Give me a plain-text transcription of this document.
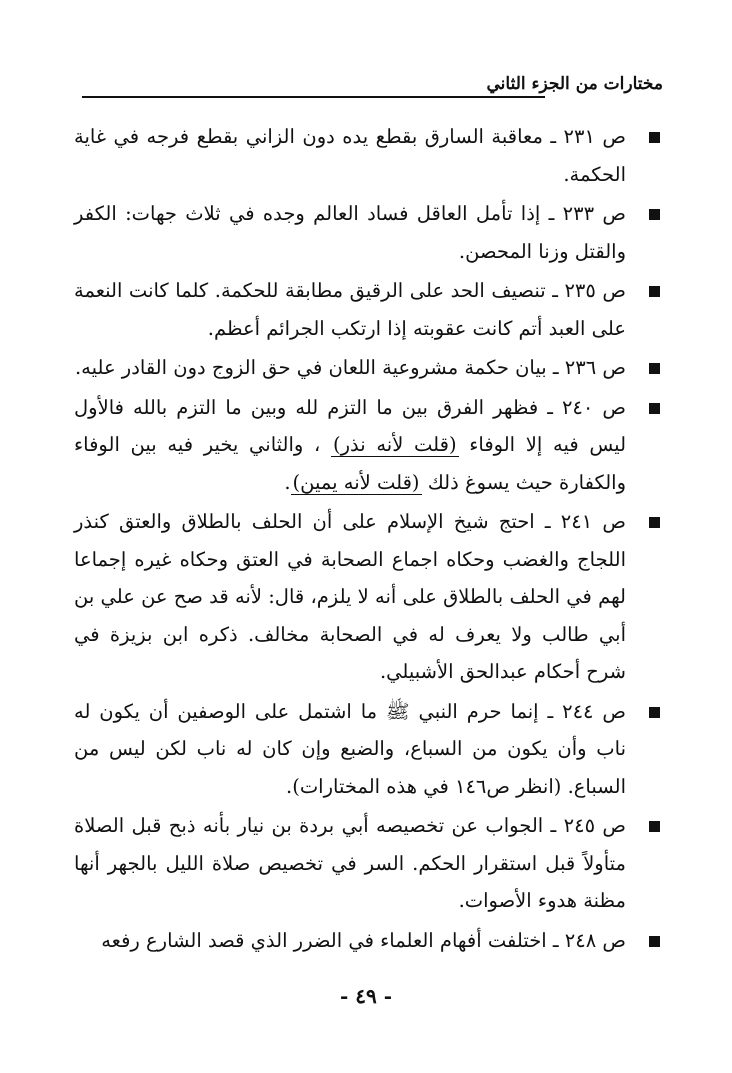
مختارات من الجزء الثاني

ص ٢٣١ ـ معاقبة السارق بقطع يده دون الزاني بقطع فرجه في غاية الحكمة.

ص ٢٣٣ ـ إذا تأمل العاقل فساد العالم وجده في ثلاث جهات: الكفر والقتل وزنا المحصن.

ص ٢٣٥ ـ تنصيف الحد على الرقيق مطابقة للحكمة. كلما كانت النعمة على العبد أتم كانت عقوبته إذا ارتكب الجرائم أعظم.

ص ٢٣٦ ـ بيان حكمة مشروعية اللعان في حق الزوج دون القادر عليه.

ص ٢٤٠ ـ فظهر الفرق بين ما التزم لله وبين ما التزم بالله فالأول ليس فيه إلا الوفاء (قلت لأنه نذر) ، والثاني يخير فيه بين الوفاء والكفارة حيث يسوغ ذلك (قلت لأنه يمين).

ص ٢٤١ ـ احتج شيخ الإسلام على أن الحلف بالطلاق والعتق كنذر اللجاج والغضب وحكاه اجماع الصحابة في العتق وحكاه غيره إجماعا لهم في الحلف بالطلاق على أنه لا يلزم، قال: لأنه قد صح عن علي بن أبي طالب ولا يعرف له في الصحابة مخالف. ذكره ابن بزيزة في شرح أحكام عبدالحق الأشبيلي.

ص ٢٤٤ ـ إنما حرم النبي ﷺ ما اشتمل على الوصفين أن يكون له ناب وأن يكون من السباع، والضبع وإن كان له ناب لكن ليس من السباع. (انظر ص١٤٦ في هذه المختارات).

ص ٢٤٥ ـ الجواب عن تخصيصه أبي بردة بن نيار بأنه ذبح قبل الصلاة متأولاً قبل استقرار الحكم. السر في تخصيص صلاة الليل بالجهر أنها مظنة هدوء الأصوات.

ص ٢٤٨ ـ اختلفت أفهام العلماء في الضرر الذي قصد الشارع رفعه

- ٤٩ -
